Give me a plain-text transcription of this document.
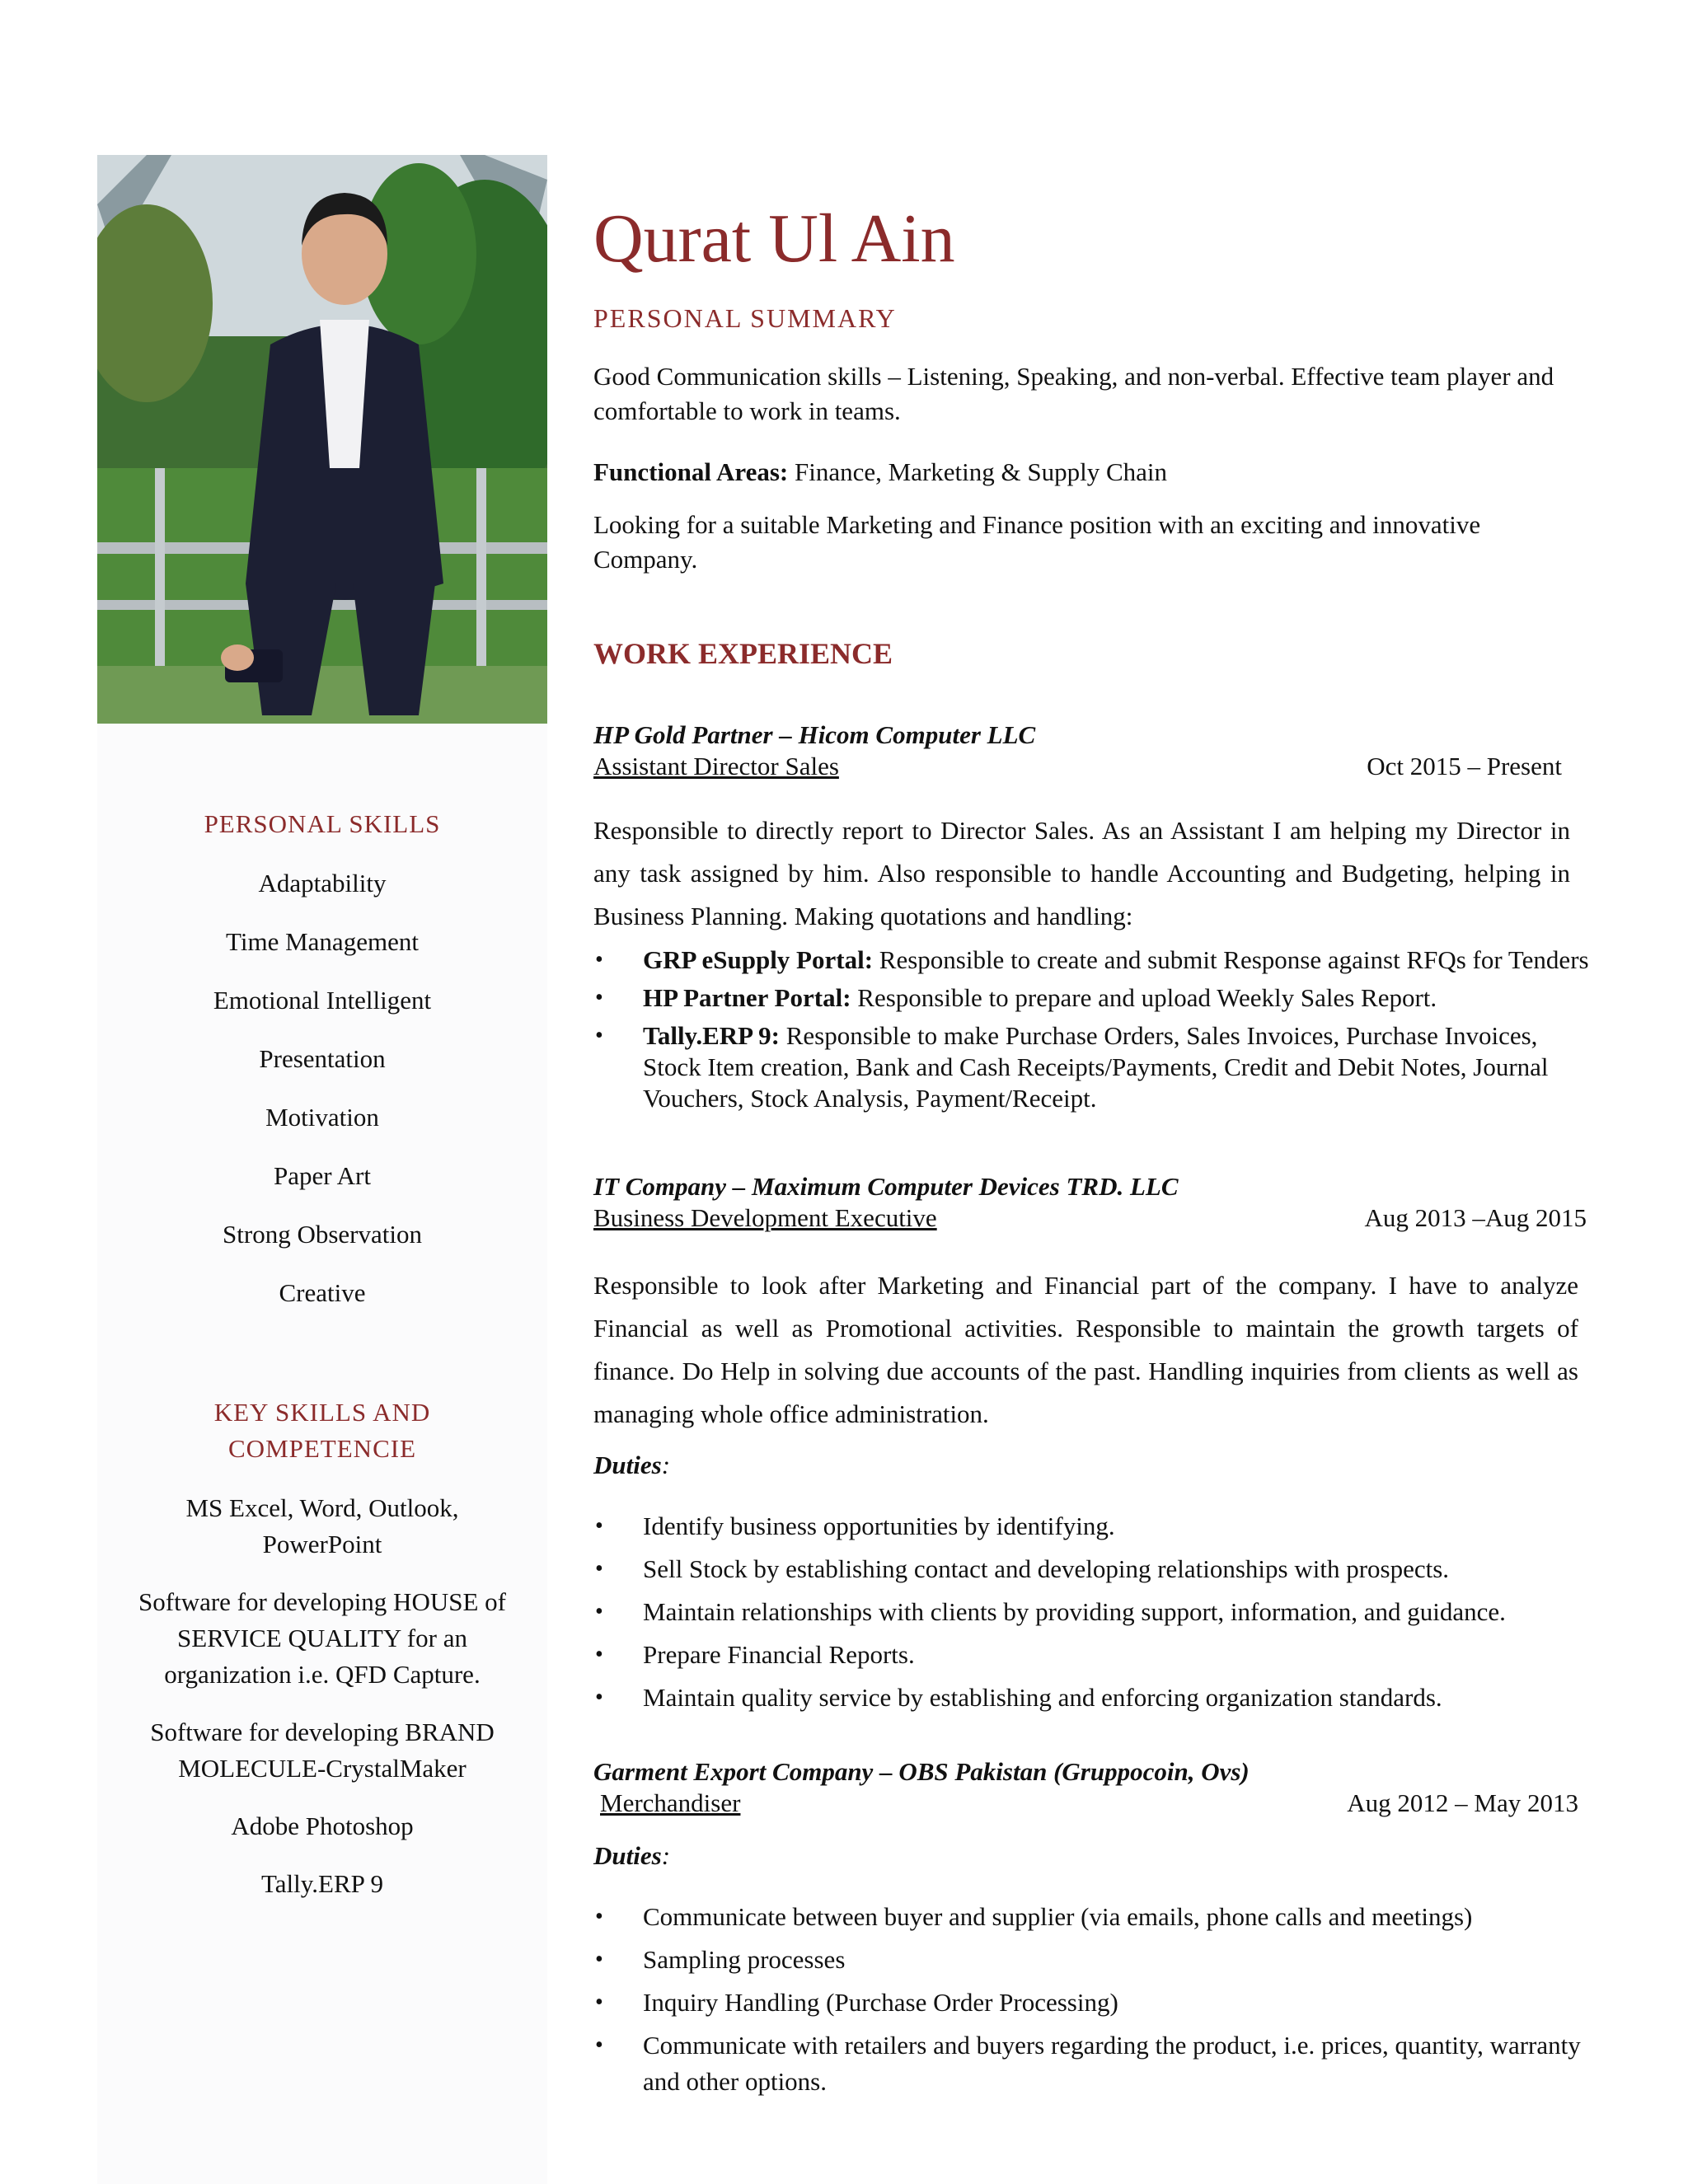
PERSONAL SKILLS
Adaptability
Time Management
Emotional Intelligent
Presentation
Motivation
Paper Art
Strong Observation
Creative
KEY SKILLS AND COMPETENCIE
MS Excel, Word, Outlook, PowerPoint
Software for developing HOUSE of SERVICE QUALITY for an organization i.e. QFD Capture.
Software for developing BRAND MOLECULE-CrystalMaker
Adobe Photoshop
Tally.ERP 9
Qurat Ul Ain
PERSONAL SUMMARY
Good Communication skills – Listening, Speaking, and non-verbal. Effective team player and comfortable to work in teams.
Functional Areas: Finance, Marketing & Supply Chain
Looking for a suitable Marketing and Finance position with an exciting and innovative Company.
WORK EXPERIENCE
HP Gold Partner – Hicom Computer LLC
Assistant Director Sales	Oct 2015 – Present
Responsible to directly report to Director Sales. As an Assistant I am helping my Director in any task assigned by him. Also responsible to handle Accounting and Budgeting, helping in Business Planning. Making quotations and handling:
• GRP eSupply Portal: Responsible to create and submit Response against RFQs for Tenders
• HP Partner Portal: Responsible to prepare and upload Weekly Sales Report.
• Tally.ERP 9: Responsible to make Purchase Orders, Sales Invoices, Purchase Invoices, Stock Item creation, Bank and Cash Receipts/Payments, Credit and Debit Notes, Journal Vouchers, Stock Analysis, Payment/Receipt.
IT Company – Maximum Computer Devices TRD. LLC
Business Development Executive	Aug 2013 –Aug 2015
Responsible to look after Marketing and Financial part of the company. I have to analyze Financial as well as Promotional activities. Responsible to maintain the growth targets of finance. Do Help in solving due accounts of the past. Handling inquiries from clients as well as managing whole office administration.
Duties:
• Identify business opportunities by identifying.
• Sell Stock by establishing contact and developing relationships with prospects.
• Maintain relationships with clients by providing support, information, and guidance.
• Prepare Financial Reports.
• Maintain quality service by establishing and enforcing organization standards.
Garment Export Company – OBS Pakistan (Gruppocoin, Ovs)
Merchandiser	Aug 2012 – May 2013
Duties:
• Communicate between buyer and supplier (via emails, phone calls and meetings)
• Sampling processes
• Inquiry Handling (Purchase Order Processing)
• Communicate with retailers and buyers regarding the product, i.e. prices, quantity, warranty and other options.
